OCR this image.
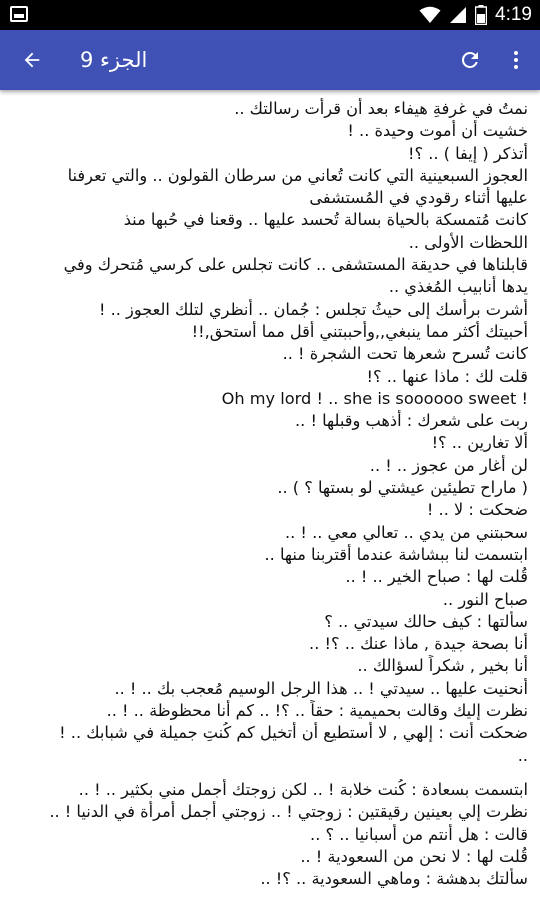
4:19
الجزء 9
نمتُ في غرفةِ هيفاء بعد أن قرأت رسالتك ..
خشيت أن أموت وحيدة .. !
أتذكر ( إيفا ) .. ؟!
العجوز السبعينية التي كانت تُعاني من سرطان القولون .. والتي تعرفنا
عليها أثناء رقودي في المُستشفى
كانت مُتمسكة بالحياة بسالة تُحسد عليها .. وقعنا في حُبها منذ
اللحظات الأولى ..
قابلناها في حديقة المستشفى .. كانت تجلس على كرسي مُتحرك وفي
يدها أنابيب المُغذي ..
أشرت برأسك إلى حيثُ تجلس : جُمان .. أنظري لتلك العجوز .. !
أحبيتك أكثر مما ينبغي,,وأحببتني أقل مما أستحق,!!
كانت تُسرح شعرها تحت الشجرة ! ..
قلت لك : ماذا عنها .. ؟!
! Oh my lord ! .. she is soooooo sweet
ربت على شعرك : أذهب وقبلها ! ..
ألا تغارين .. ؟!
لن أغار من عجوز .. ! ..
( ماراح تطيئين عيشتي لو بستها ؟ ) ..
ضحكت : لا .. !
سحبتني من يدي .. تعالي معي .. ! ..
ابتسمت لنا ببشاشة عندما أقتربنا منها ..
قُلت لها : صباح الخير .. ! ..
صباح النور ..
سألتها : كيف حالك سيدتي .. ؟
أنا بصحة جيدة , ماذا عنك .. ؟! ..
أنا بخير , شكراً لسؤالك ..
أنحنيت عليها .. سيدتي ! .. هذا الرجل الوسيم مُعجب بك .. ! ..
نظرت إليك وقالت بحميمية : حقاً .. ؟! .. كم أنا محظوظة .. ! ..
ضحكت أنت : إلهي , لا أستطيع أن أتخيل كم كُنتِ جميلة في شبابك .. !
..
ابتسمت بسعادة : كُنت خلابة ! .. لكن زوجتك أجمل مني بكثير .. ! ..
نظرت إلي بعينين رقيقتين : زوجتي ! .. زوجتي أجمل أمرأة في الدنيا ! ..
قالت : هل أنتم من أسبانيا .. ؟ ..
قُلت لها : لا نحن من السعودية ! ..
سألتك بدهشة : وماهي السعودية .. ؟! ..
